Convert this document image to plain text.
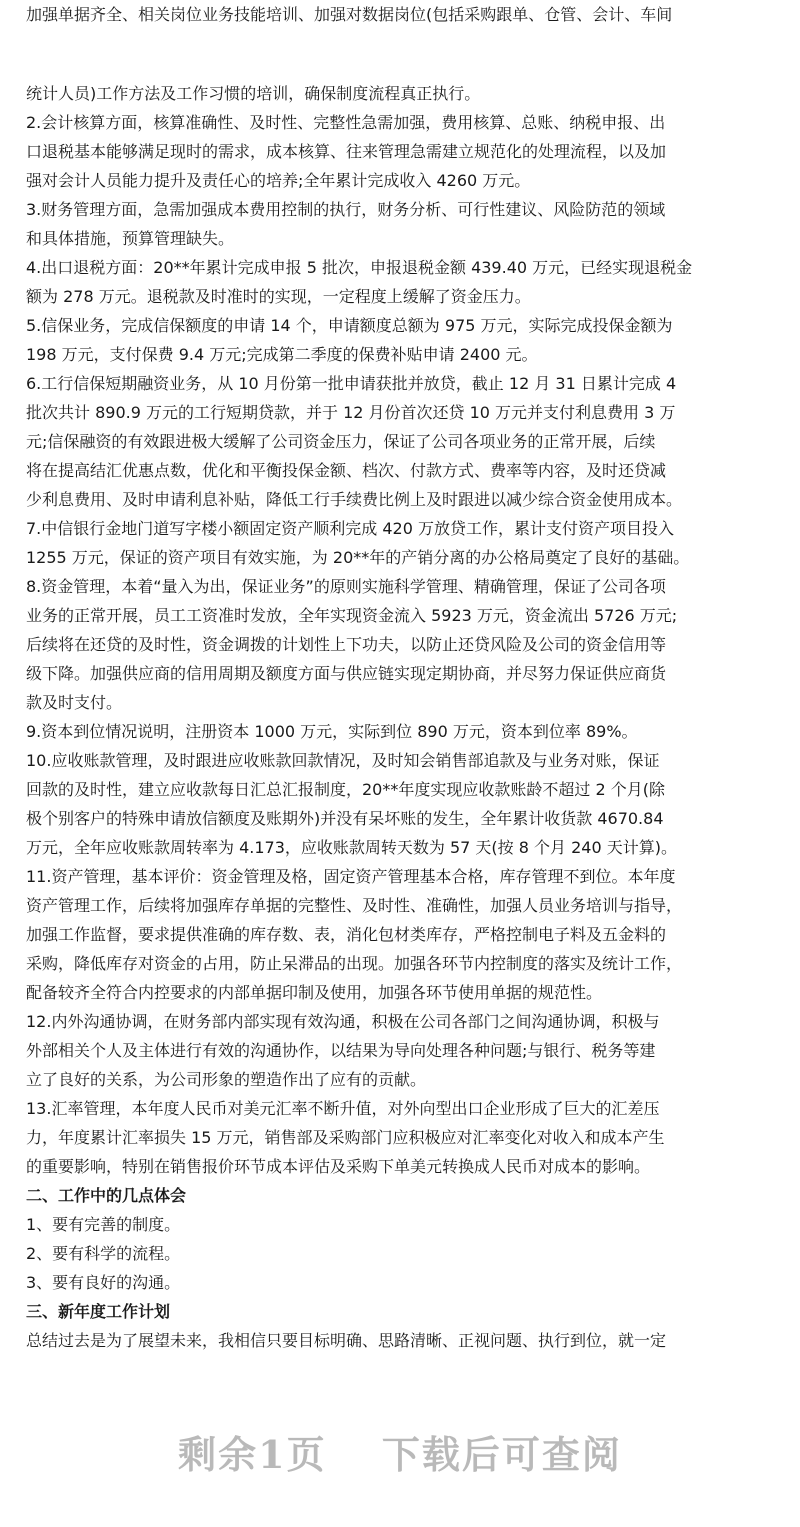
加强单据齐全、相关岗位业务技能培训、加强对数据岗位(包括采购跟单、仓管、会计、车间
统计人员)工作方法及工作习惯的培训，确保制度流程真正执行。
2.会计核算方面，核算准确性、及时性、完整性急需加强，费用核算、总账、纳税申报、出
口退税基本能够满足现时的需求，成本核算、往来管理急需建立规范化的处理流程，以及加
强对会计人员能力提升及责任心的培养;全年累计完成收入 4260 万元。
3.财务管理方面，急需加强成本费用控制的执行，财务分析、可行性建议、风险防范的领域
和具体措施，预算管理缺失。
4.出口退税方面：20**年累计完成申报 5 批次，申报退税金额 439.40 万元，已经实现退税金
额为 278 万元。退税款及时准时的实现，一定程度上缓解了资金压力。
5.信保业务，完成信保额度的申请 14 个，申请额度总额为 975 万元，实际完成投保金额为
198 万元，支付保费 9.4 万元;完成第二季度的保费补贴申请 2400 元。
6.工行信保短期融资业务，从 10 月份第一批申请获批并放贷，截止 12 月 31 日累计完成 4
批次共计 890.9 万元的工行短期贷款，并于 12 月份首次还贷 10 万元并支付利息费用 3 万
元;信保融资的有效跟进极大缓解了公司资金压力，保证了公司各项业务的正常开展，后续
将在提高结汇优惠点数，优化和平衡投保金额、档次、付款方式、费率等内容，及时还贷减
少利息费用、及时申请利息补贴，降低工行手续费比例上及时跟进以减少综合资金使用成本。
7.中信银行金地门道写字楼小额固定资产顺利完成 420 万放贷工作，累计支付资产项目投入
1255 万元，保证的资产项目有效实施，为 20**年的产销分离的办公格局奠定了良好的基础。
8.资金管理，本着“量入为出，保证业务”的原则实施科学管理、精确管理，保证了公司各项
业务的正常开展，员工工资准时发放，全年实现资金流入 5923 万元，资金流出 5726 万元;
后续将在还贷的及时性，资金调拨的计划性上下功夫，以防止还贷风险及公司的资金信用等
级下降。加强供应商的信用周期及额度方面与供应链实现定期协商，并尽努力保证供应商货
款及时支付。
9.资本到位情况说明，注册资本 1000 万元，实际到位 890 万元，资本到位率 89%。
10.应收账款管理，及时跟进应收账款回款情况，及时知会销售部追款及与业务对账，保证
回款的及时性，建立应收款每日汇总汇报制度，20**年度实现应收款账龄不超过 2 个月(除
极个别客户的特殊申请放信额度及账期外)并没有呆坏账的发生，全年累计收货款 4670.84
万元，全年应收账款周转率为 4.173，应收账款周转天数为 57 天(按 8 个月 240 天计算)。
11.资产管理，基本评价：资金管理及格，固定资产管理基本合格，库存管理不到位。本年度
资产管理工作，后续将加强库存单据的完整性、及时性、准确性，加强人员业务培训与指导，
加强工作监督，要求提供准确的库存数、表，消化包材类库存，严格控制电子料及五金料的
采购，降低库存对资金的占用，防止呆滞品的出现。加强各环节内控制度的落实及统计工作，
配备较齐全符合内控要求的内部单据印制及使用，加强各环节使用单据的规范性。
12.内外沟通协调，在财务部内部实现有效沟通，积极在公司各部门之间沟通协调，积极与
外部相关个人及主体进行有效的沟通协作，以结果为导向处理各种问题;与银行、税务等建
立了良好的关系，为公司形象的塑造作出了应有的贡献。
13.汇率管理，本年度人民币对美元汇率不断升值，对外向型出口企业形成了巨大的汇差压
力，年度累计汇率损失 15 万元，销售部及采购部门应积极应对汇率变化对收入和成本产生
的重要影响，特别在销售报价环节成本评估及采购下单美元转换成人民币对成本的影响。
二、工作中的几点体会
1、要有完善的制度。
2、要有科学的流程。
3、要有良好的沟通。
三、新年度工作计划
总结过去是为了展望未来，我相信只要目标明确、思路清晰、正视问题、执行到位，就一定
剩余1页 下载后可查阅
